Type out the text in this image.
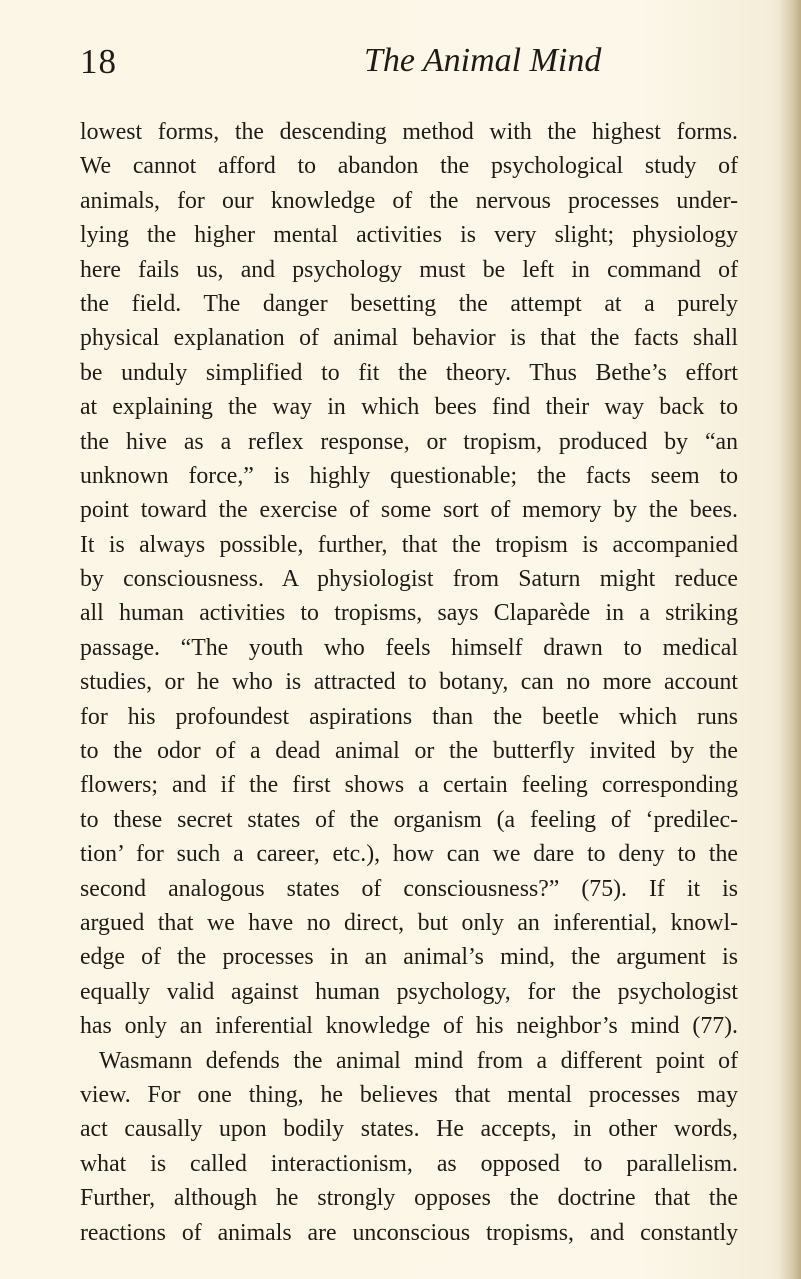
18	The Animal Mind
lowest forms, the descending method with the highest forms.
We cannot afford to abandon the psychological study of
animals, for our knowledge of the nervous processes under-
lying the higher mental activities is very slight; physiology
here fails us, and psychology must be left in command of
the field. The danger besetting the attempt at a purely
physical explanation of animal behavior is that the facts shall
be unduly simplified to fit the theory. Thus Bethe’s effort
at explaining the way in which bees find their way back to
the hive as a reflex response, or tropism, produced by “an
unknown force,” is highly questionable; the facts seem to
point toward the exercise of some sort of memory by the bees.
It is always possible, further, that the tropism is accompanied
by consciousness. A physiologist from Saturn might reduce
all human activities to tropisms, says Claparède in a striking
passage. “The youth who feels himself drawn to medical
studies, or he who is attracted to botany, can no more account
for his profoundest aspirations than the beetle which runs
to the odor of a dead animal or the butterfly invited by the
flowers; and if the first shows a certain feeling corresponding
to these secret states of the organism (a feeling of ‘predilec-
tion’ for such a career, etc.), how can we dare to deny to the
second analogous states of consciousness?” (75). If it is
argued that we have no direct, but only an inferential, knowl-
edge of the processes in an animal’s mind, the argument is
equally valid against human psychology, for the psychologist
has only an inferential knowledge of his neighbor’s mind (77).
Wasmann defends the animal mind from a different point of
view. For one thing, he believes that mental processes may
act causally upon bodily states. He accepts, in other words,
what is called interactionism, as opposed to parallelism.
Further, although he strongly opposes the doctrine that the
reactions of animals are unconscious tropisms, and constantly
